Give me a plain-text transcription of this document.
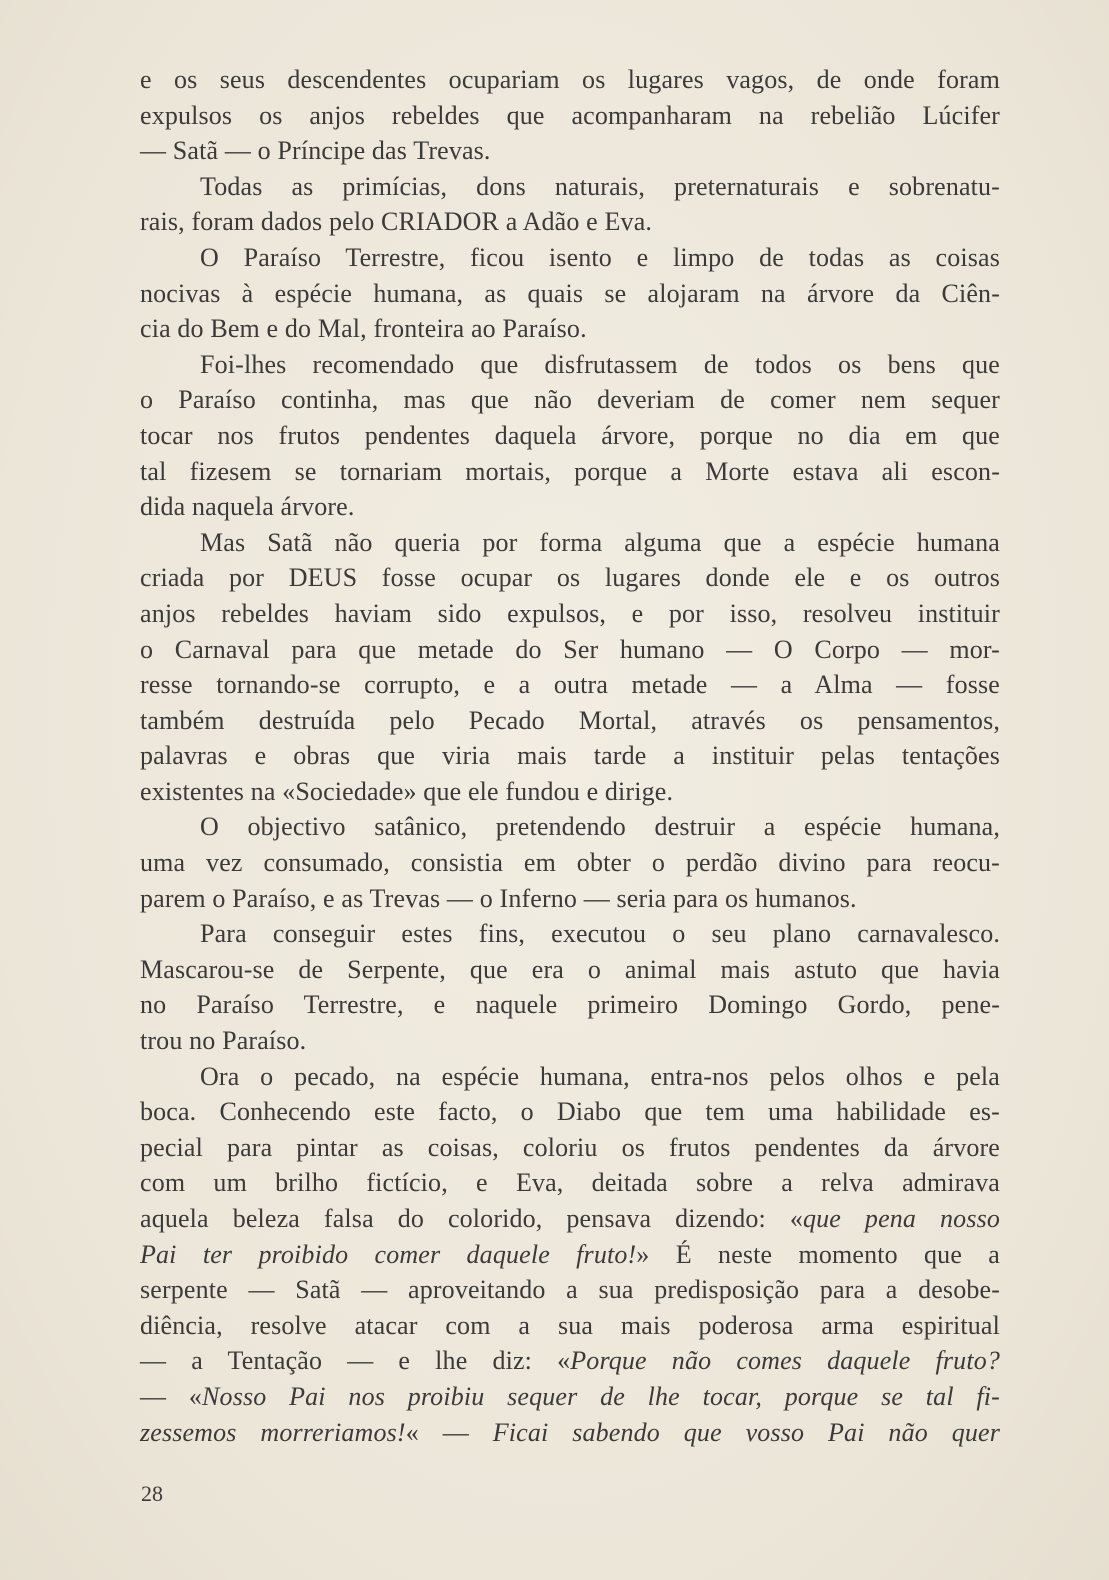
e os seus descendentes ocupariam os lugares vagos, de onde foram
expulsos os anjos rebeldes que acompanharam na rebelião Lúcifer
— Satã — o Príncipe das Trevas.
Todas as primícias, dons naturais, preternaturais e sobrenatu-
rais, foram dados pelo CRIADOR a Adão e Eva.
O Paraíso Terrestre, ficou isento e limpo de todas as coisas
nocivas à espécie humana, as quais se alojaram na árvore da Ciên-
cia do Bem e do Mal, fronteira ao Paraíso.
Foi-lhes recomendado que disfrutassem de todos os bens que
o Paraíso continha, mas que não deveriam de comer nem sequer
tocar nos frutos pendentes daquela árvore, porque no dia em que
tal fizesem se tornariam mortais, porque a Morte estava ali escon-
dida naquela árvore.
Mas Satã não queria por forma alguma que a espécie humana
criada por DEUS fosse ocupar os lugares donde ele e os outros
anjos rebeldes haviam sido expulsos, e por isso, resolveu instituir
o Carnaval para que metade do Ser humano — O Corpo — mor-
resse tornando-se corrupto, e a outra metade — a Alma — fosse
também destruída pelo Pecado Mortal, através os pensamentos,
palavras e obras que viria mais tarde a instituir pelas tentações
existentes na «Sociedade» que ele fundou e dirige.
O objectivo satânico, pretendendo destruir a espécie humana,
uma vez consumado, consistia em obter o perdão divino para reocu-
parem o Paraíso, e as Trevas — o Inferno — seria para os humanos.
Para conseguir estes fins, executou o seu plano carnavalesco.
Mascarou-se de Serpente, que era o animal mais astuto que havia
no Paraíso Terrestre, e naquele primeiro Domingo Gordo, pene-
trou no Paraíso.
Ora o pecado, na espécie humana, entra-nos pelos olhos e pela
boca. Conhecendo este facto, o Diabo que tem uma habilidade es-
pecial para pintar as coisas, coloriu os frutos pendentes da árvore
com um brilho fictício, e Eva, deitada sobre a relva admirava
aquela beleza falsa do colorido, pensava dizendo: «que pena nosso
Pai ter proibido comer daquele fruto!» É neste momento que a
serpente — Satã — aproveitando a sua predisposição para a desobe-
diência, resolve atacar com a sua mais poderosa arma espiritual
— a Tentação — e lhe diz: «Porque não comes daquele fruto?
— «Nosso Pai nos proibiu sequer de lhe tocar, porque se tal fi-
zessemos morreriamos!« — Ficai sabendo que vosso Pai não quer
28
